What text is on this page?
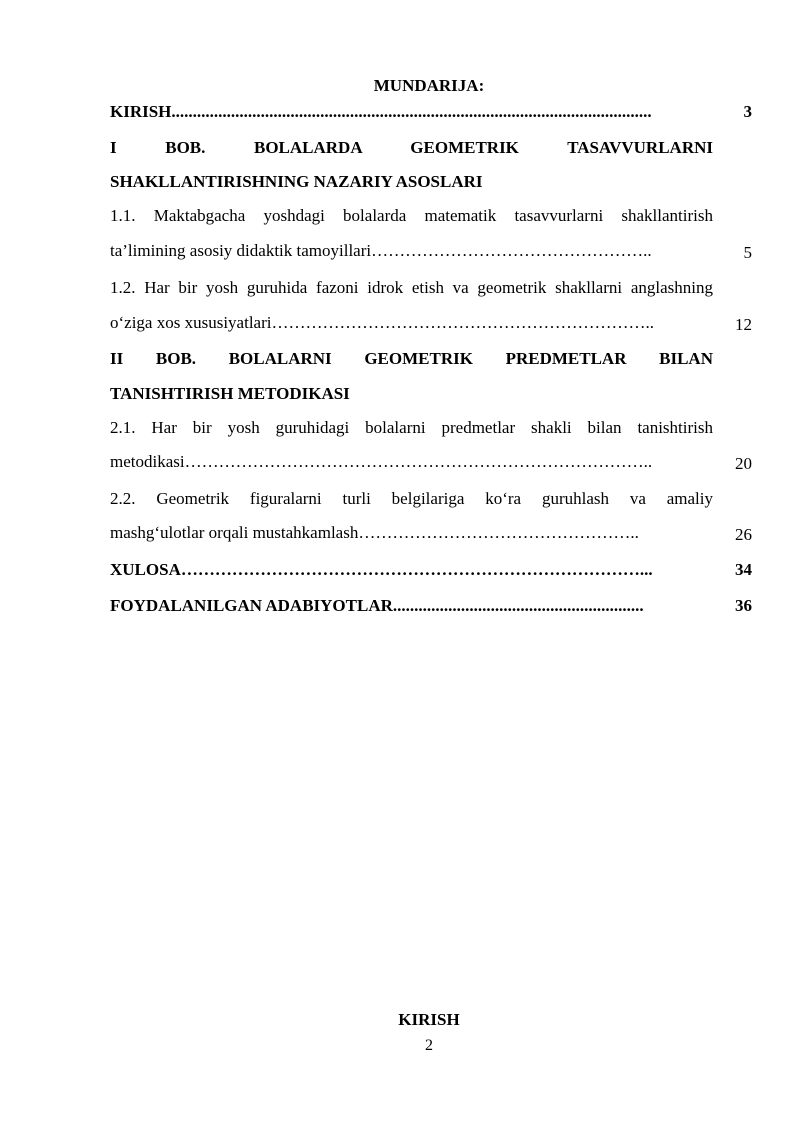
MUNDARIJA:
KIRISH.................................................................................................................	3
I BOB. BOLALARDA GEOMETRIK TASAVVURLARNI
SHAKLLANTIRISHNING NAZARIY ASOSLARI
1.1. Maktabgacha yoshdagi bolalarda matematik tasavvurlarni shakllantirish
ta’limining asosiy didaktik tamoyillari…………………………………………..	5
1.2. Har bir yosh guruhida fazoni idrok etish va geometrik shakllarni anglashning
o‘ziga xos xususiyatlari…………………………………………………………..	12
II BOB. BOLALARNI GEOMETRIK PREDMETLAR BILAN
TANISHTIRISH METODIKASI
2.1. Har bir yosh guruhidagi bolalarni predmetlar shakli bilan tanishtirish
metodikasi………………………………………………………………………..	20
2.2. Geometrik figuralarni turli belgilariga ko‘ra guruhlash va amaliy
mashg‘ulotlar orqali mustahkamlash…………………………………………..	26
XULOSA………………………………………………………………………...	34
FOYDALANILGAN ADABIYOTLAR...........................................................	36
KIRISH
2
